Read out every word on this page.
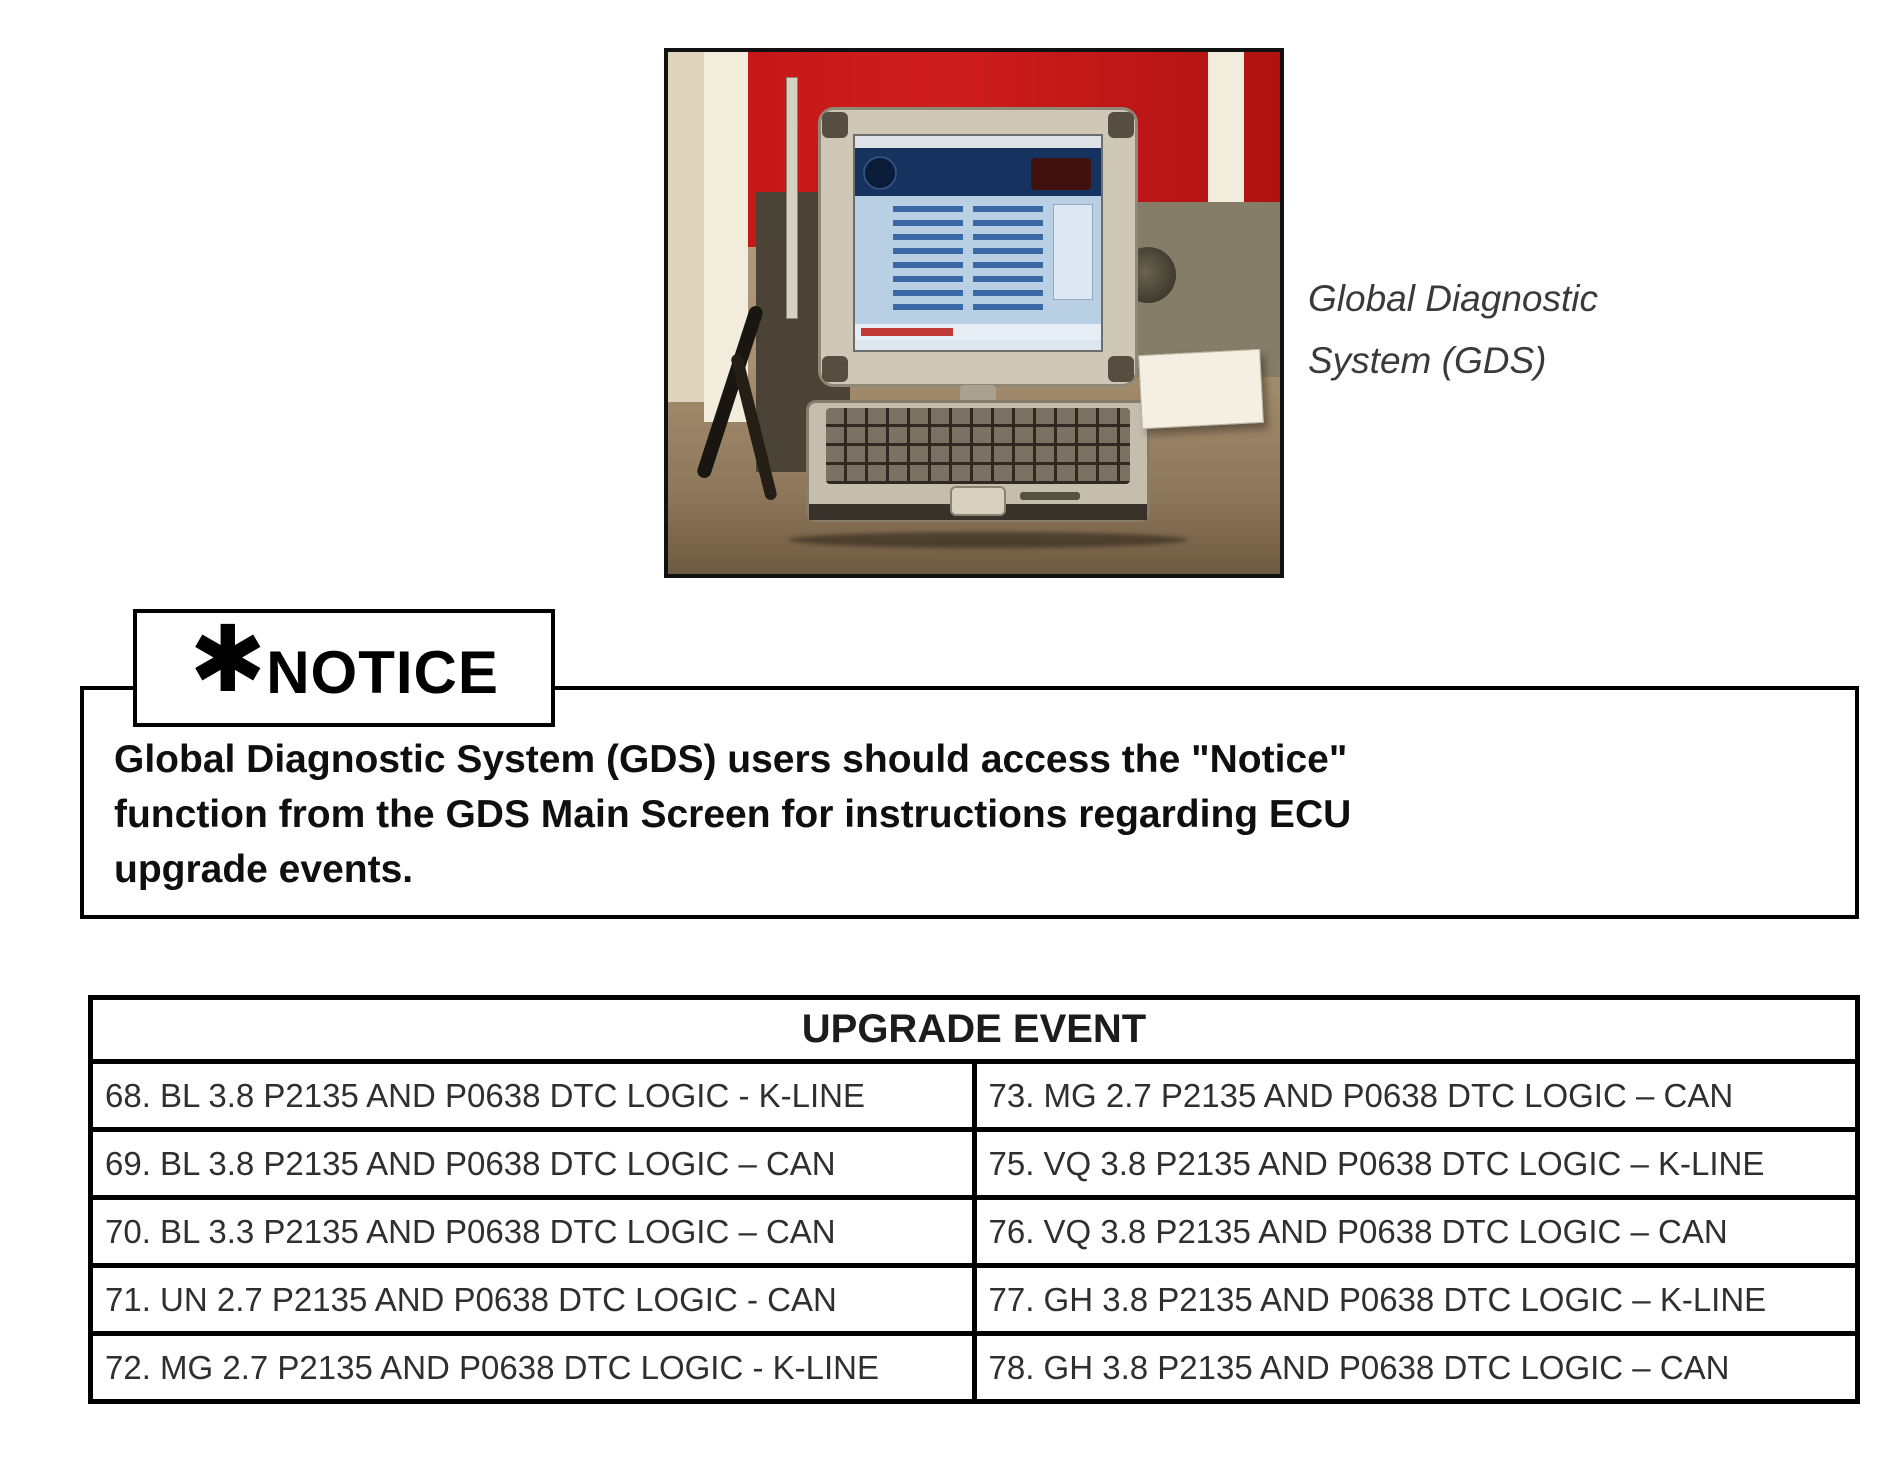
Global Diagnostic
System (GDS)
Global Diagnostic System (GDS) users should access the "Notice"
function from the GDS Main Screen for instructions regarding ECU
upgrade events.
✱ NOTICE
UPGRADE EVENT	
68. BL 3.8 P2135 AND P0638 DTC LOGIC - K-LINE	73. MG 2.7 P2135 AND P0638 DTC LOGIC – CAN
69. BL 3.8 P2135 AND P0638 DTC LOGIC – CAN	75. VQ 3.8 P2135 AND P0638 DTC LOGIC – K-LINE
70. BL 3.3 P2135 AND P0638 DTC LOGIC – CAN	76. VQ 3.8 P2135 AND P0638 DTC LOGIC – CAN
71. UN 2.7 P2135 AND P0638 DTC LOGIC - CAN	77. GH 3.8 P2135 AND P0638 DTC LOGIC – K-LINE
72. MG 2.7 P2135 AND P0638 DTC LOGIC - K-LINE	78. GH 3.8 P2135 AND P0638 DTC LOGIC – CAN
